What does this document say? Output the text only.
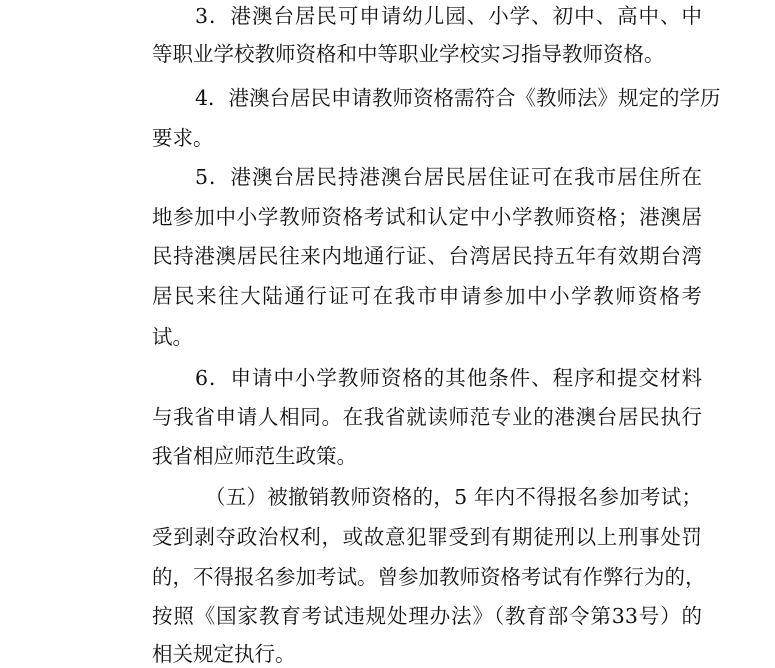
3．港澳台居民可申请幼儿园、小学、初中、高中、中
等职业学校教师资格和中等职业学校实习指导教师资格。
4．港澳台居民申请教师资格需符合《教师法》规定的学历
要求。
5．港澳台居民持港澳台居民居住证可在我市居住所在
地参加中小学教师资格考试和认定中小学教师资格；港澳居
民持港澳居民往来内地通行证、台湾居民持五年有效期台湾
居民来往大陆通行证可在我市申请参加中小学教师资格考
试。
6．申请中小学教师资格的其他条件、程序和提交材料
与我省申请人相同。在我省就读师范专业的港澳台居民执行
我省相应师范生政策。
（五）被撤销教师资格的，5 年内不得报名参加考试；
受到剥夺政治权利，或故意犯罪受到有期徒刑以上刑事处罚
的，不得报名参加考试。曾参加教师资格考试有作弊行为的，
按照《国家教育考试违规处理办法》（教育部令第33号）的
相关规定执行。
